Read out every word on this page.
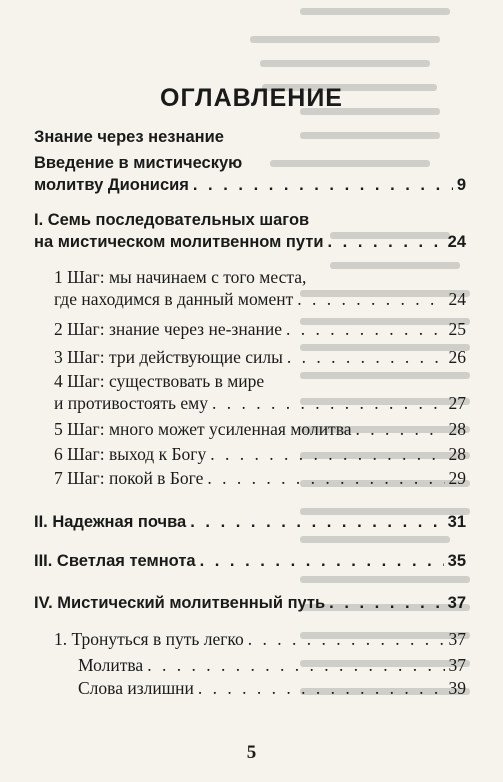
ОГЛАВЛЕНИЕ
Знание через незнание
Введение в мистическую
молитву Дионисия . . .	9
I. Семь последовательных шагов
на мистическом молитвенном пути . . .	24
1 Шаг: мы начинаем с того места,
где находимся в данный момент . . .	24
2 Шаг: знание через не-знание . . .	25
3 Шаг: три действующие силы . . .	26
4 Шаг: существовать в мире
и противостоять ему . . .	27
5 Шаг: много может усиленная молитва . . .	28
6 Шаг: выход к Богу . . .	28
7 Шаг: покой в Боге . . .	29
II. Надежная почва . . .	31
III. Светлая темнота . . .	35
IV. Мистический молитвенный путь . . .	37
1. Тронуться в путь легко . . .	37
Молитва . . .	37
Слова излишни . . .	39
5
